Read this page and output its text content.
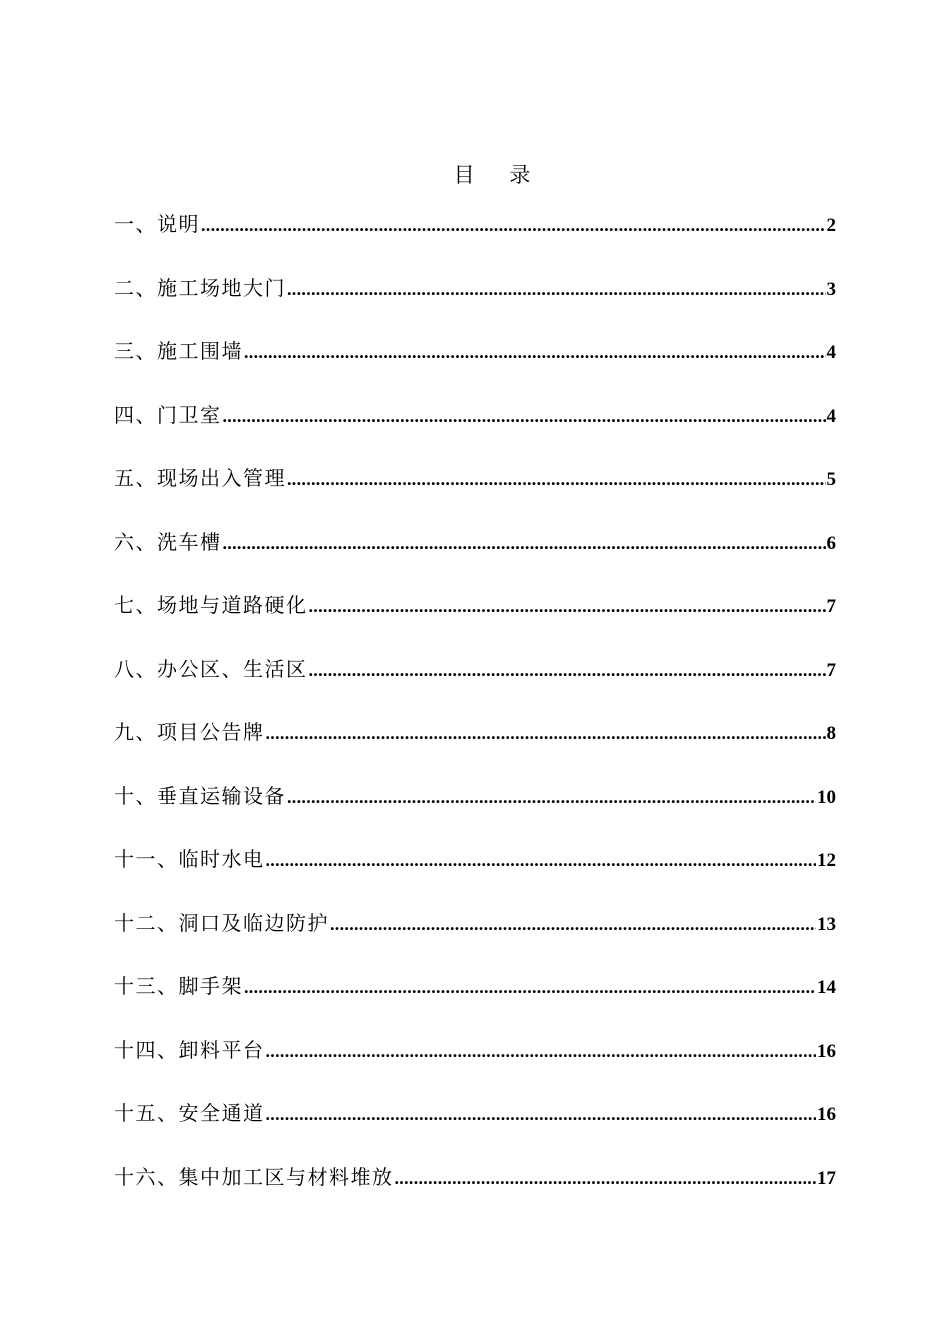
目 录
一、说明 .....	2
二、施工场地大门 .....	3
三、施工围墙 .....	4
四、门卫室 .....	4
五、现场出入管理 .....	5
六、洗车槽 .....	6
七、场地与道路硬化 .....	7
八、办公区、生活区 .....	7
九、项目公告牌 .....	8
十、垂直运输设备 .....	10
十一、临时水电 .....	12
十二、洞口及临边防护 .....	13
十三、脚手架 .....	14
十四、卸料平台 .....	16
十五、安全通道 .....	16
十六、集中加工区与材料堆放 .....	17
